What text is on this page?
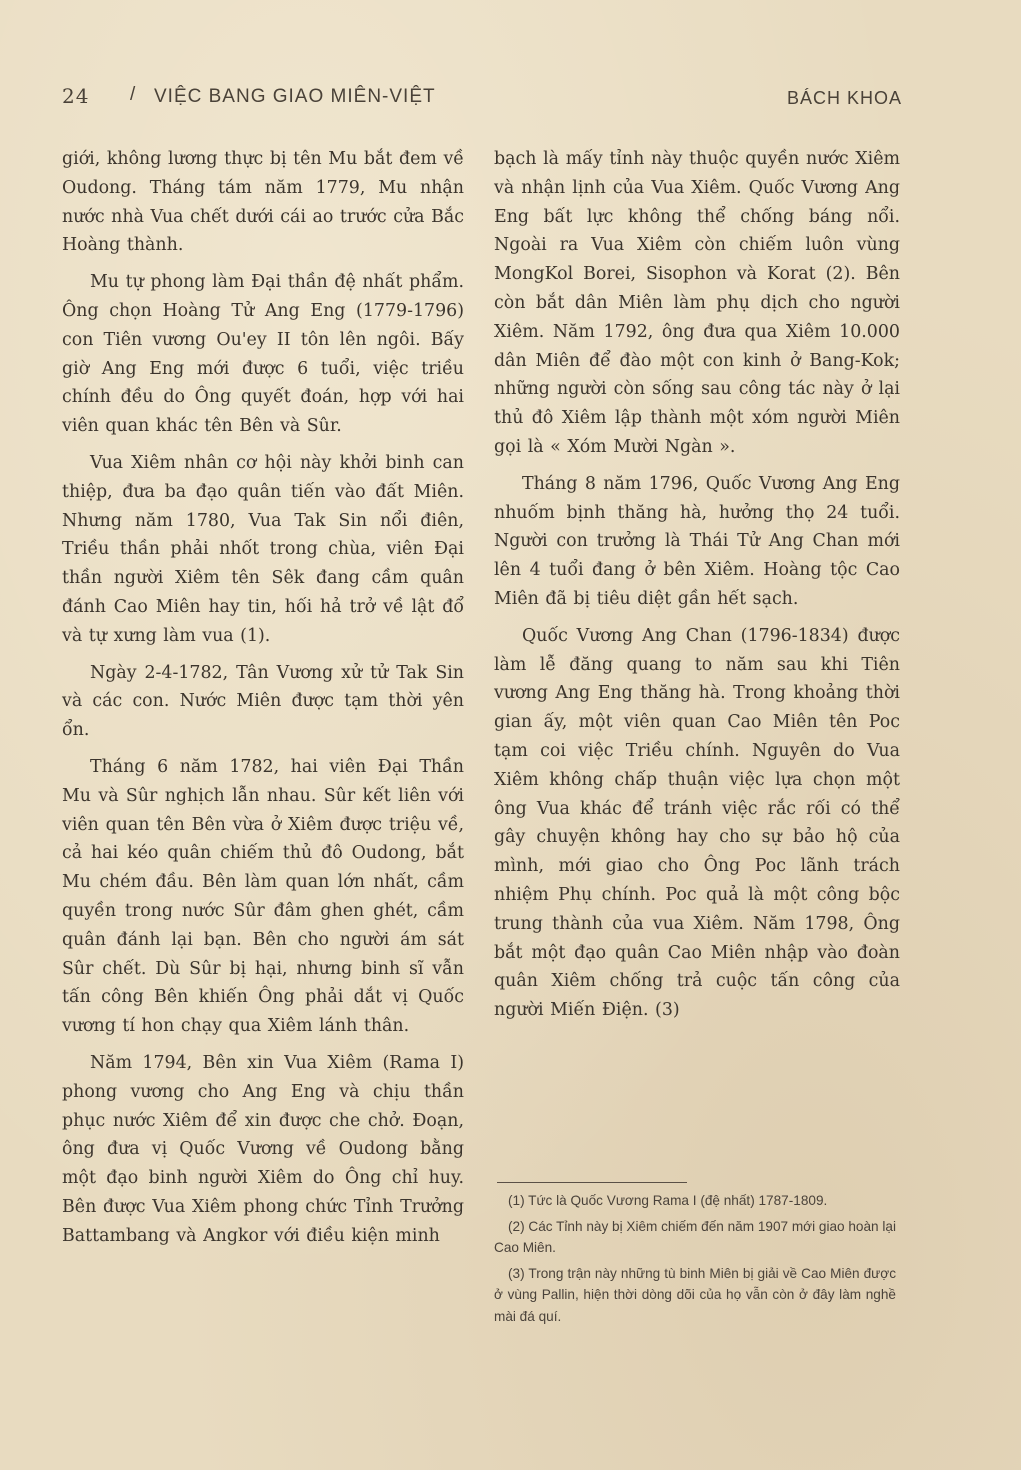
24 / VIỆC BANG GIAO MIÊN-VIỆT	BÁCH KHOA

giới, không lương thực bị tên Mu bắt đem về Oudong. Tháng tám năm 1779, Mu nhận nước nhà Vua chết dưới cái ao trước cửa Bắc Hoàng thành.

Mu tự phong làm Đại thần đệ nhất phẩm. Ông chọn Hoàng Tử Ang Eng (1779-1796) con Tiên vương Ou'ey II tôn lên ngôi. Bấy giờ Ang Eng mới được 6 tuổi, việc triều chính đều do Ông quyết đoán, hợp với hai viên quan khác tên Bên và Sûr.

Vua Xiêm nhân cơ hội này khởi binh can thiệp, đưa ba đạo quân tiến vào đất Miên. Nhưng năm 1780, Vua Tak Sin nổi điên, Triều thần phải nhốt trong chùa, viên Đại thần người Xiêm tên Sêk đang cầm quân đánh Cao Miên hay tin, hối hả trở về lật đổ và tự xưng làm vua (1).

Ngày 2-4-1782, Tân Vương xử tử Tak Sin và các con. Nước Miên được tạm thời yên ổn.

Tháng 6 năm 1782, hai viên Đại Thần Mu và Sûr nghịch lẫn nhau. Sûr kết liên với viên quan tên Bên vừa ở Xiêm được triệu về, cả hai kéo quân chiếm thủ đô Oudong, bắt Mu chém đầu. Bên làm quan lớn nhất, cầm quyền trong nước Sûr đâm ghen ghét, cầm quân đánh lại bạn. Bên cho người ám sát Sûr chết. Dù Sûr bị hại, nhưng binh sĩ vẫn tấn công Bên khiến Ông phải dắt vị Quốc vương tí hon chạy qua Xiêm lánh thân.

Năm 1794, Bên xin Vua Xiêm (Rama I) phong vương cho Ang Eng và chịu thần phục nước Xiêm để xin được che chở. Đoạn, ông đưa vị Quốc Vương về Oudong bằng một đạo binh người Xiêm do Ông chỉ huy. Bên được Vua Xiêm phong chức Tỉnh Trưởng Battambang và Angkor với điều kiện minh

bạch là mấy tỉnh này thuộc quyền nước Xiêm và nhận lịnh của Vua Xiêm. Quốc Vương Ang Eng bất lực không thể chống báng nổi. Ngoài ra Vua Xiêm còn chiếm luôn vùng MongKol Borei, Sisophon và Korat (2). Bên còn bắt dân Miên làm phụ dịch cho người Xiêm. Năm 1792, ông đưa qua Xiêm 10.000 dân Miên để đào một con kinh ở Bang-Kok; những người còn sống sau công tác này ở lại thủ đô Xiêm lập thành một xóm người Miên gọi là « Xóm Mười Ngàn ».

Tháng 8 năm 1796, Quốc Vương Ang Eng nhuốm bịnh thăng hà, hưởng thọ 24 tuổi. Người con trưởng là Thái Tử Ang Chan mới lên 4 tuổi đang ở bên Xiêm. Hoàng tộc Cao Miên đã bị tiêu diệt gần hết sạch.

Quốc Vương Ang Chan (1796-1834) được làm lễ đăng quang to năm sau khi Tiên vương Ang Eng thăng hà. Trong khoảng thời gian ấy, một viên quan Cao Miên tên Poc tạm coi việc Triều chính. Nguyên do Vua Xiêm không chấp thuận việc lựa chọn một ông Vua khác để tránh việc rắc rối có thể gây chuyện không hay cho sự bảo hộ của mình, mới giao cho Ông Poc lãnh trách nhiệm Phụ chính. Poc quả là một công bộc trung thành của vua Xiêm. Năm 1798, Ông bắt một đạo quân Cao Miên nhập vào đoàn quân Xiêm chống trả cuộc tấn công của người Miến Điện. (3)

(1) Tức là Quốc Vương Rama I (đệ nhất) 1787-1809.

(2) Các Tỉnh này bị Xiêm chiếm đến năm 1907 mới giao hoàn lại Cao Miên.

(3) Trong trận này những tù binh Miên bị giải về Cao Miên được ở vùng Pallin, hiện thời dòng dõi của họ vẫn còn ở đây làm nghề mài đá quí.
